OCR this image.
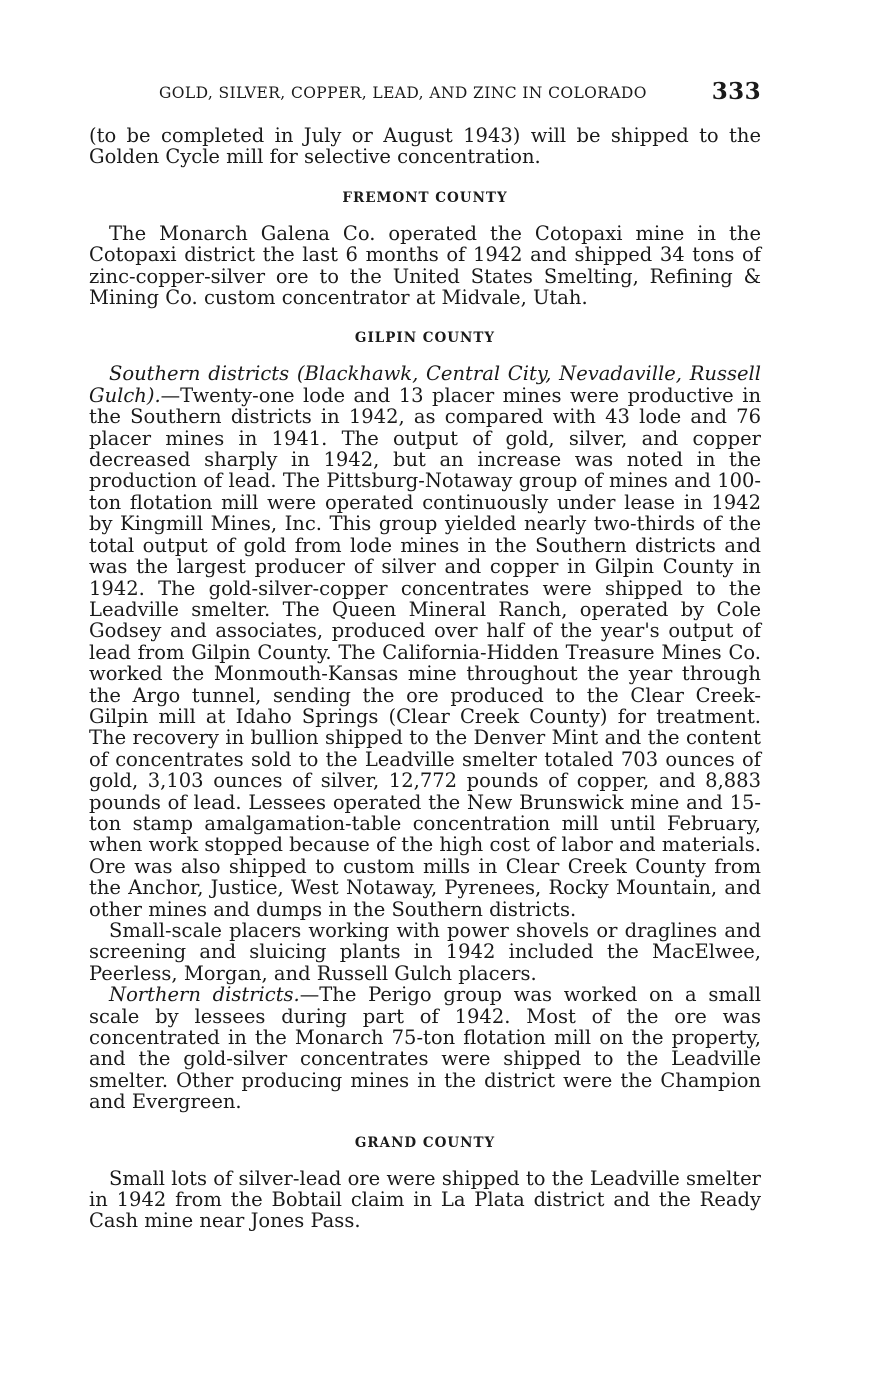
GOLD, SILVER, COPPER, LEAD, AND ZINC IN COLORADO	333

(to be completed in July or August 1943) will be shipped to the Golden Cycle mill for selective concentration.

FREMONT COUNTY

The Monarch Galena Co. operated the Cotopaxi mine in the Cotopaxi district the last 6 months of 1942 and shipped 34 tons of zinc-copper-silver ore to the United States Smelting, Refining & Mining Co. custom concentrator at Midvale, Utah.

GILPIN COUNTY

Southern districts (Blackhawk, Central City, Nevadaville, Russell Gulch).—Twenty-one lode and 13 placer mines were productive in the Southern districts in 1942, as compared with 43 lode and 76 placer mines in 1941. The output of gold, silver, and copper decreased sharply in 1942, but an increase was noted in the production of lead. The Pittsburg-Notaway group of mines and 100-ton flotation mill were operated continuously under lease in 1942 by Kingmill Mines, Inc. This group yielded nearly two-thirds of the total output of gold from lode mines in the Southern districts and was the largest producer of silver and copper in Gilpin County in 1942. The gold-silver-copper concentrates were shipped to the Leadville smelter. The Queen Mineral Ranch, operated by Cole Godsey and associates, produced over half of the year's output of lead from Gilpin County. The California-Hidden Treasure Mines Co. worked the Monmouth-Kansas mine throughout the year through the Argo tunnel, sending the ore produced to the Clear Creek-Gilpin mill at Idaho Springs (Clear Creek County) for treatment. The recovery in bullion shipped to the Denver Mint and the content of concentrates sold to the Leadville smelter totaled 703 ounces of gold, 3,103 ounces of silver, 12,772 pounds of copper, and 8,883 pounds of lead. Lessees operated the New Brunswick mine and 15-ton stamp amalgamation-table concentration mill until February, when work stopped because of the high cost of labor and materials. Ore was also shipped to custom mills in Clear Creek County from the Anchor, Justice, West Notaway, Pyrenees, Rocky Mountain, and other mines and dumps in the Southern districts.

Small-scale placers working with power shovels or draglines and screening and sluicing plants in 1942 included the MacElwee, Peerless, Morgan, and Russell Gulch placers.

Northern districts.—The Perigo group was worked on a small scale by lessees during part of 1942. Most of the ore was concentrated in the Monarch 75-ton flotation mill on the property, and the gold-silver concentrates were shipped to the Leadville smelter. Other producing mines in the district were the Champion and Evergreen.

GRAND COUNTY

Small lots of silver-lead ore were shipped to the Leadville smelter in 1942 from the Bobtail claim in La Plata district and the Ready Cash mine near Jones Pass.
